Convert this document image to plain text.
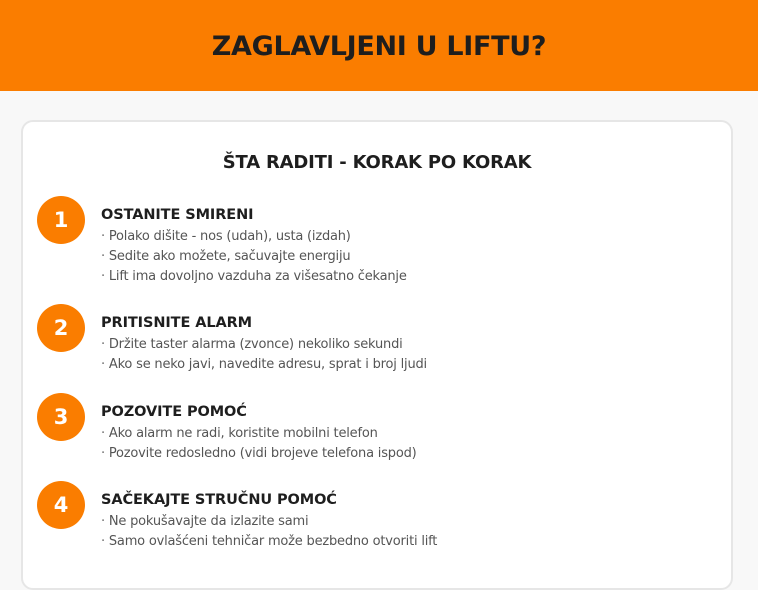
ZAGLAVLJENI U LIFTU?
ŠTA RADITI - KORAK PO KORAK
1	OSTANITE SMIRENI
· Polako dišite - nos (udah), usta (izdah)
· Sedite ako možete, sačuvajte energiju
· Lift ima dovoljno vazduha za višesatno čekanje
2	PRITISNITE ALARM
· Držite taster alarma (zvonce) nekoliko sekundi
· Ako se neko javi, navedite adresu, sprat i broj ljudi
3	POZOVITE POMOĆ
· Ako alarm ne radi, koristite mobilni telefon
· Pozovite redosledno (vidi brojeve telefona ispod)
4	SAČEKAJTE STRUČNU POMOĆ
· Ne pokušavajte da izlazite sami
· Samo ovlašćeni tehničar može bezbedno otvoriti lift
